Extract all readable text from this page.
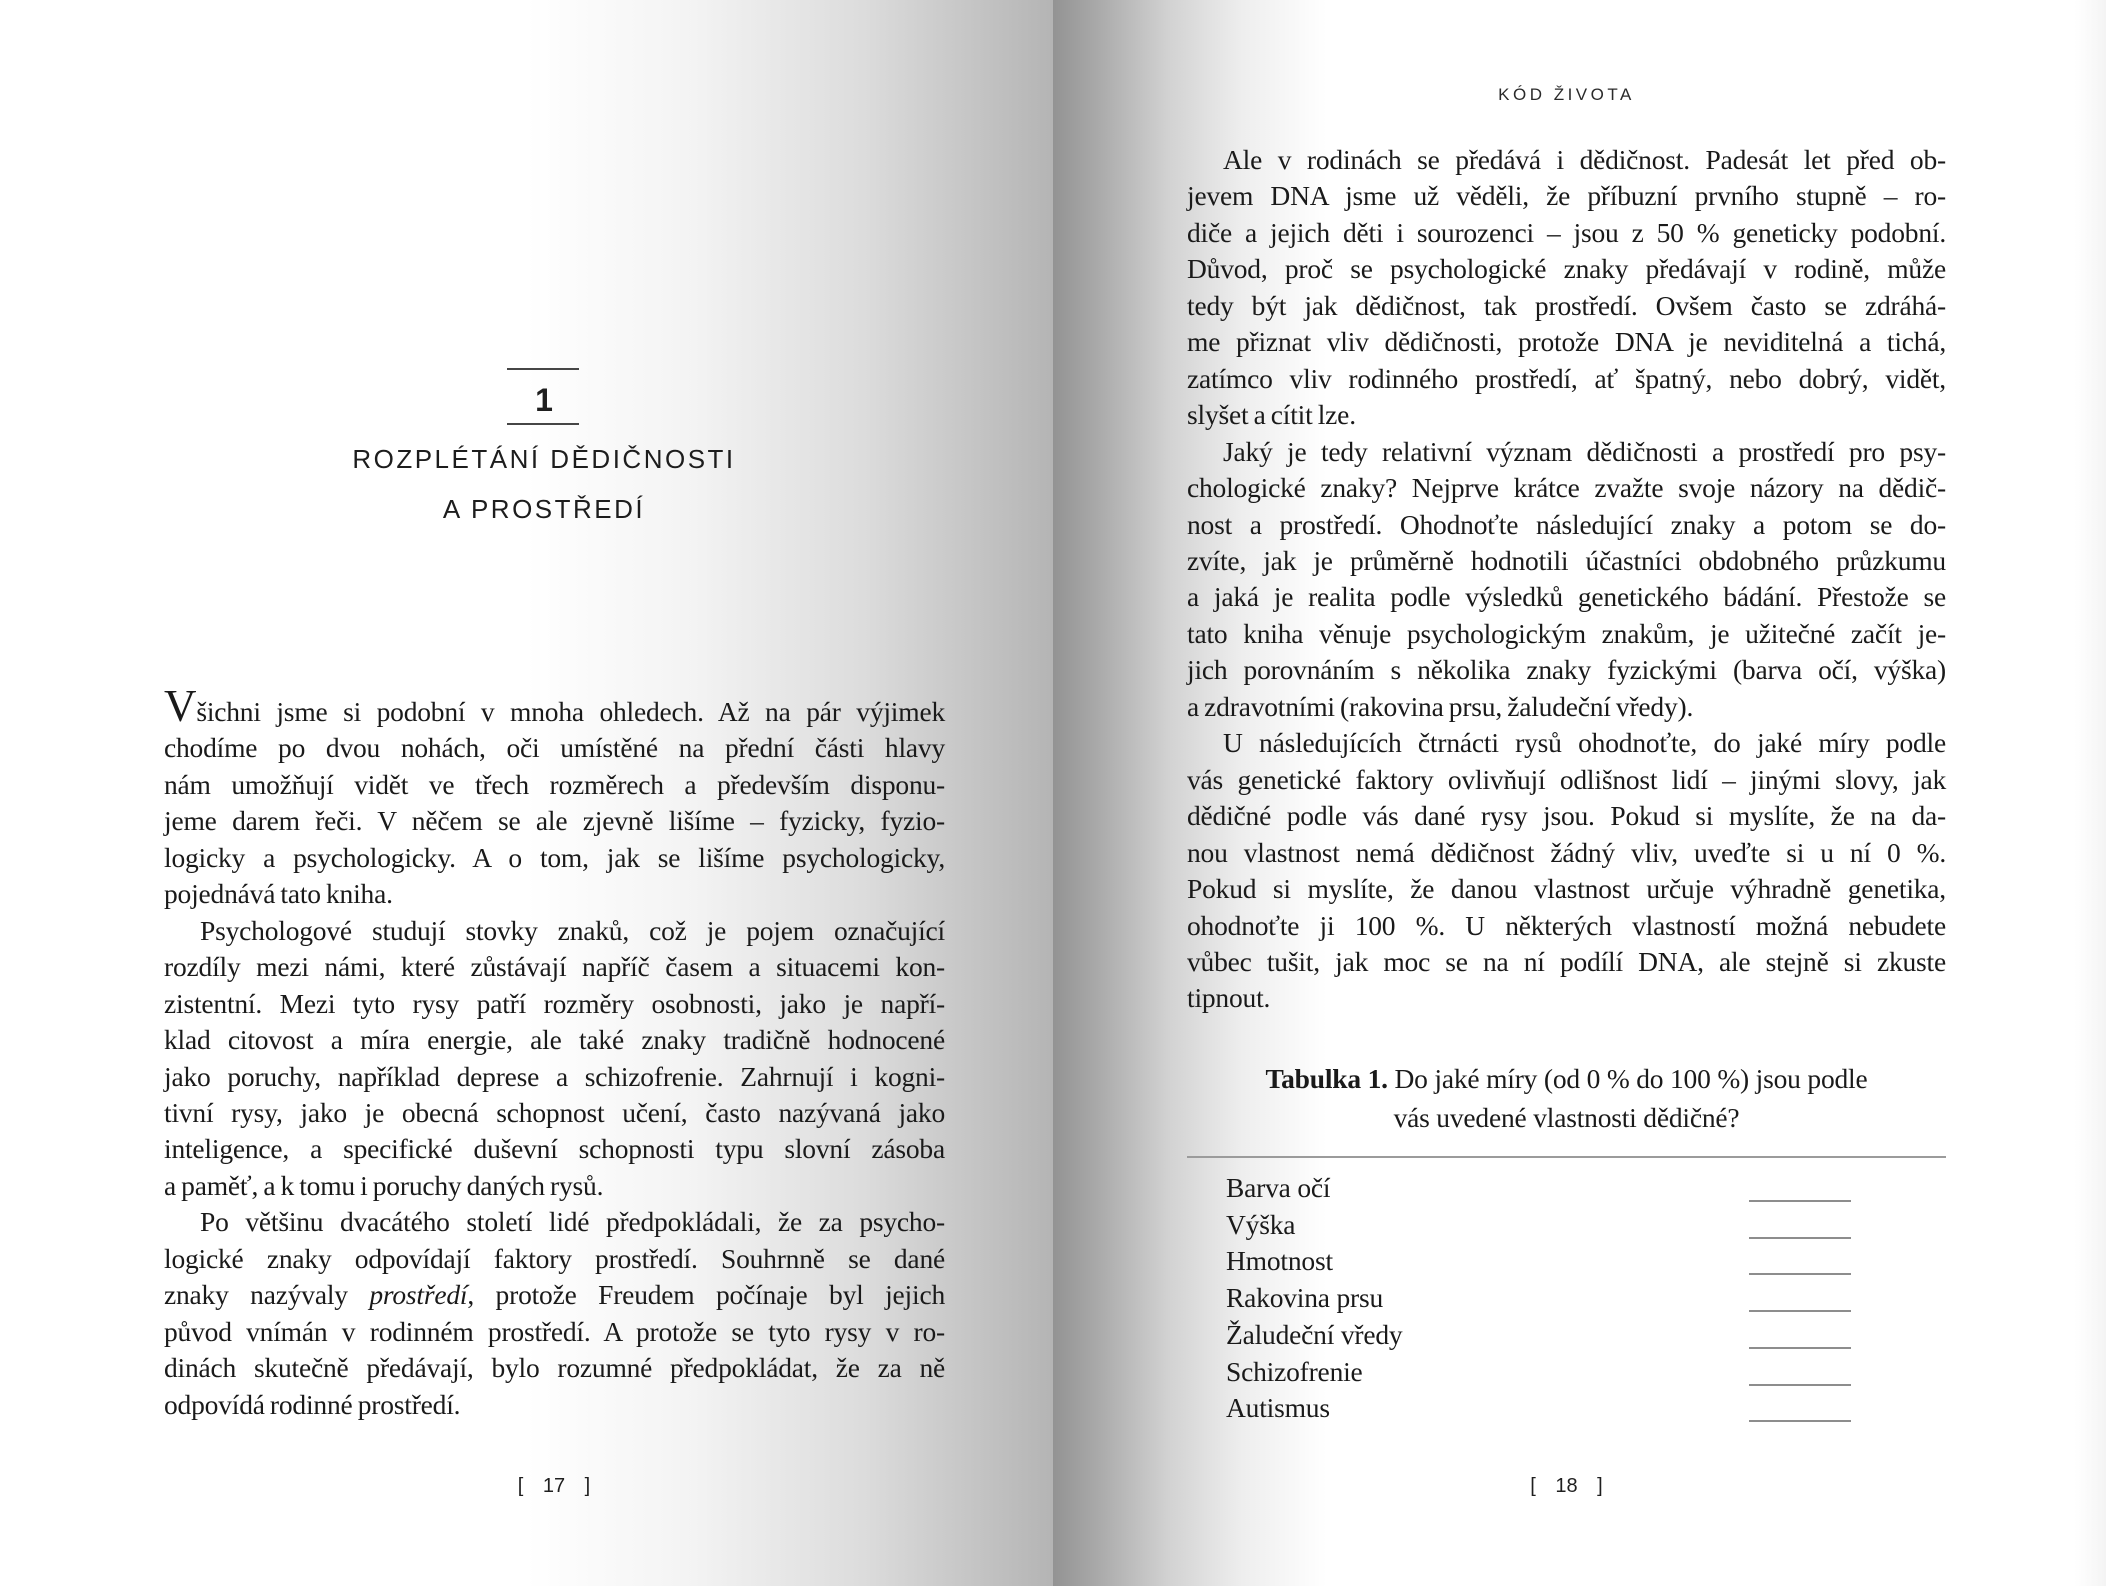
1
ROZPLÉTÁNÍ DĚDIČNOSTI
A PROSTŘEDÍ
Všichni jsme si podobní v mnoha ohledech. Až na pár výjimek
chodíme po dvou nohách, oči umístěné na přední části hlavy
nám umožňují vidět ve třech rozměrech a především disponu-
jeme darem řeči. V něčem se ale zjevně lišíme – fyzicky, fyzio-
logicky a psychologicky. A o tom, jak se lišíme psychologicky,
pojednává tato kniha.
Psychologové studují stovky znaků, což je pojem označující
rozdíly mezi námi, které zůstávají napříč časem a situacemi kon-
zistentní. Mezi tyto rysy patří rozměry osobnosti, jako je napří-
klad citovost a míra energie, ale také znaky tradičně hodnocené
jako poruchy, například deprese a schizofrenie. Zahrnují i kogni-
tivní rysy, jako je obecná schopnost učení, často nazývaná jako
inteligence, a specifické duševní schopnosti typu slovní zásoba
a paměť, a k tomu i poruchy daných rysů.
Po většinu dvacátého století lidé předpokládali, že za psycho-
logické znaky odpovídají faktory prostředí. Souhrnně se dané
znaky nazývaly prostředí, protože Freudem počínaje byl jejich
původ vnímán v rodinném prostředí. A protože se tyto rysy v ro-
dinách skutečně předávají, bylo rozumné předpokládat, že za ně
odpovídá rodinné prostředí.
[ 17 ]
KÓD ŽIVOTA
Ale v rodinách se předává i dědičnost. Padesát let před ob-
jevem DNA jsme už věděli, že příbuzní prvního stupně – ro-
diče a jejich děti i sourozenci – jsou z 50 % geneticky podobní.
Důvod, proč se psychologické znaky předávají v rodině, může
tedy být jak dědičnost, tak prostředí. Ovšem často se zdráhá-
me přiznat vliv dědičnosti, protože DNA je neviditelná a tichá,
zatímco vliv rodinného prostředí, ať špatný, nebo dobrý, vidět,
slyšet a cítit lze.
Jaký je tedy relativní význam dědičnosti a prostředí pro psy-
chologické znaky? Nejprve krátce zvažte svoje názory na dědič-
nost a prostředí. Ohodnoťte následující znaky a potom se do-
zvíte, jak je průměrně hodnotili účastníci obdobného průzkumu
a jaká je realita podle výsledků genetického bádání. Přestože se
tato kniha věnuje psychologickým znakům, je užitečné začít je-
jich porovnáním s několika znaky fyzickými (barva očí, výška)
a zdravotními (rakovina prsu, žaludeční vředy).
U následujících čtrnácti rysů ohodnoťte, do jaké míry podle
vás genetické faktory ovlivňují odlišnost lidí – jinými slovy, jak
dědičné podle vás dané rysy jsou. Pokud si myslíte, že na da-
nou vlastnost nemá dědičnost žádný vliv, uveďte si u ní 0 %.
Pokud si myslíte, že danou vlastnost určuje výhradně genetika,
ohodnoťte ji 100 %. U některých vlastností možná nebudete
vůbec tušit, jak moc se na ní podílí DNA, ale stejně si zkuste
tipnout.
Tabulka 1. Do jaké míry (od 0 % do 100 %) jsou podle
vás uvedené vlastnosti dědičné?
Barva očí
Výška
Hmotnost
Rakovina prsu
Žaludeční vředy
Schizofrenie
Autismus
[ 18 ]
